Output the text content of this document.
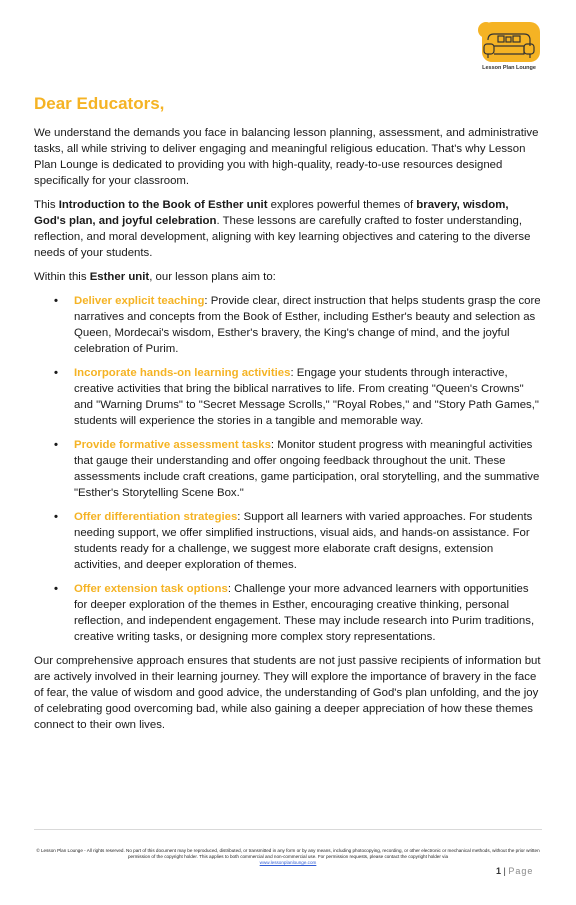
Lesson Plan Lounge
Dear Educators,

We understand the demands you face in balancing lesson planning, assessment, and administrative tasks, all while striving to deliver engaging and meaningful religious education. That's why Lesson Plan Lounge is dedicated to providing you with high-quality, ready-to-use resources designed specifically for your classroom.

This Introduction to the Book of Esther unit explores powerful themes of bravery, wisdom, God's plan, and joyful celebration. These lessons are carefully crafted to foster understanding, reflection, and moral development, aligning with key learning objectives and catering to the diverse needs of your students.

Within this Esther unit, our lesson plans aim to:

• Deliver explicit teaching: Provide clear, direct instruction that helps students grasp the core narratives and concepts from the Book of Esther, including Esther's beauty and selection as Queen, Mordecai's wisdom, Esther's bravery, the King's change of mind, and the joyful celebration of Purim.
• Incorporate hands-on learning activities: Engage your students through interactive, creative activities that bring the biblical narratives to life. From creating "Queen's Crowns" and "Warning Drums" to "Secret Message Scrolls," "Royal Robes," and "Story Path Games," students will experience the stories in a tangible and memorable way.
• Provide formative assessment tasks: Monitor student progress with meaningful activities that gauge their understanding and offer ongoing feedback throughout the unit. These assessments include craft creations, game participation, oral storytelling, and the summative "Esther's Storytelling Scene Box."
• Offer differentiation strategies: Support all learners with varied approaches. For students needing support, we offer simplified instructions, visual aids, and hands-on assistance. For students ready for a challenge, we suggest more elaborate craft designs, extension activities, and deeper exploration of themes.
• Offer extension task options: Challenge your more advanced learners with opportunities for deeper exploration of the themes in Esther, encouraging creative thinking, personal reflection, and independent engagement. These may include research into Purim traditions, creative writing tasks, or designing more complex story representations.

Our comprehensive approach ensures that students are not just passive recipients of information but are actively involved in their learning journey. They will explore the importance of bravery in the face of fear, the value of wisdom and good advice, the understanding of God's plan unfolding, and the joy of celebrating good overcoming bad, while also gaining a deeper appreciation of how these themes connect to their own lives.

© Lesson Plan Lounge - All rights reserved. No part of this document may be reproduced, distributed, or transmitted in any form or by any means, including photocopying, recording, or other electronic or mechanical methods, without the prior written permission of the copyright holder. This applies to both commercial and non-commercial use. For permission requests, please contact the copyright holder via
www.lessonplanlounge.com
1 | Page
